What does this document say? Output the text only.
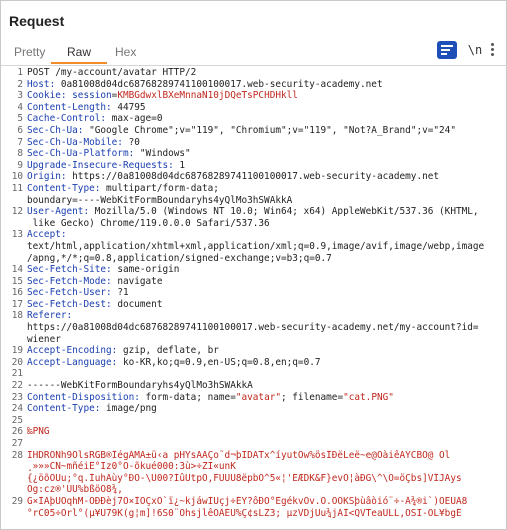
Request
Pretty Raw Hex	\n
1 POST /my-account/avatar HTTP/2
2 Host: 0a81008d04dc68768289741100100017.web-security-academy.net
3 Cookie: session=KMBGdwxlBXeMnnaN10jDQeTsPCHDHkll
4 Content-Length: 44795
5 Cache-Control: max-age=0
6 Sec-Ch-Ua: "Google Chrome";v="119", "Chromium";v="119", "Not?A_Brand";v="24"
7 Sec-Ch-Ua-Mobile: ?0
8 Sec-Ch-Ua-Platform: "Windows"
9 Upgrade-Insecure-Requests: 1
10 Origin: https://0a81008d04dc68768289741100100017.web-security-academy.net
11 Content-Type: multipart/form-data;
boundary=----WebKitFormBoundaryhs4yQlMo3hSWAkkA
12 User-Agent: Mozilla/5.0 (Windows NT 10.0; Win64; x64) AppleWebKit/537.36 (KHTML,
like Gecko) Chrome/119.0.0.0 Safari/537.36
13 Accept:
text/html,application/xhtml+xml,application/xml;q=0.9,image/avif,image/webp,image
/apng,*/*;q=0.8,application/signed-exchange;v=b3;q=0.7
14 Sec-Fetch-Site: same-origin
15 Sec-Fetch-Mode: navigate
16 Sec-Fetch-User: ?1
17 Sec-Fetch-Dest: document
18 Referer:
https://0a81008d04dc68768289741100100017.web-security-academy.net/my-account?id=
wiener
19 Accept-Encoding: gzip, deflate, br
20 Accept-Language: ko-KR,ko;q=0.9,en-US;q=0.8,en;q=0.7
21
22 ------WebKitFormBoundaryhs4yQlMo3hSWAkkA
23 Content-Disposition: form-data; name="avatar"; filename="cat.PNG"
24 Content-Type: image/png
25
26 ‰PNG
27
28 IHDRÕÑh9OlsRGB®ÎégAMA±ü‹a pHYsÃÃÇo˜d¬þIDATx^íyutÕw%ösÎÐëLeë~e@ÔàiêAÝCBÖ@ Öl
¸»»»CÑ~mñéiÊ°Iz0°Õ-õkué000:3ù>÷ZI«unK
{¿öõÖÜu;°q.ÎuhÃùy°ÐÖ-\U00?ÌûÜtpÖ,FUUÜ8ëpbÖ^5«¦'ÉÆDK&F}evÖ¦àÐG\^\Ö=öÇbs]VÎJAys
Ög:cz®'ÜU%bßöÕ8¾,
29 G×ÌÃþUÓqhM-ÖÐÐèj7Ö×ÌÖÇxÖ`ï¿~kjáwÌÛçj÷ÈY?ôÐÔ°ÈgékvÖv.Ö.ÖÖKSþùâòió¨÷-Â¾®i`)ÖEUA8
°rC05÷Örl°(µ¥U79K(g¦m]!6S0¨ÖhsjlêÖÂÉU%Ç¢sLZ3; µzVDjUu¾jÃÌ<QVTeaULL,ÖSI-ÖL¥bgÉ
